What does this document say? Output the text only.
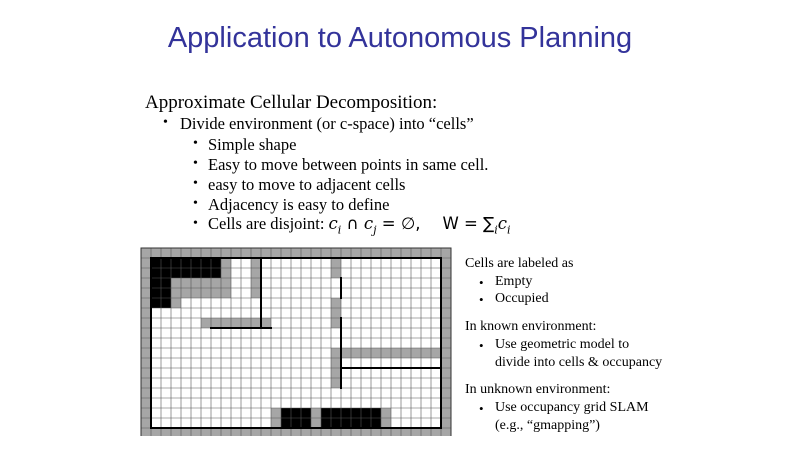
Application to Autonomous Planning
Approximate Cellular Decomposition:
• Divide environment (or c-space) into “cells”
• Simple shape
• Easy to move between points in same cell.
• easy to move to adjacent cells
• Adjacency is easy to define
• Cells are disjoint: $c_i$ ∩ $c_j$ = ∅, $W = \sum_ic_i$
Cells are labeled as
• Empty
• Occupied
In known environment:
• Use geometric model to
divide into cells & occupancy
In unknown environment:
• Use occupancy grid SLAM
(e.g., “gmapping”)
